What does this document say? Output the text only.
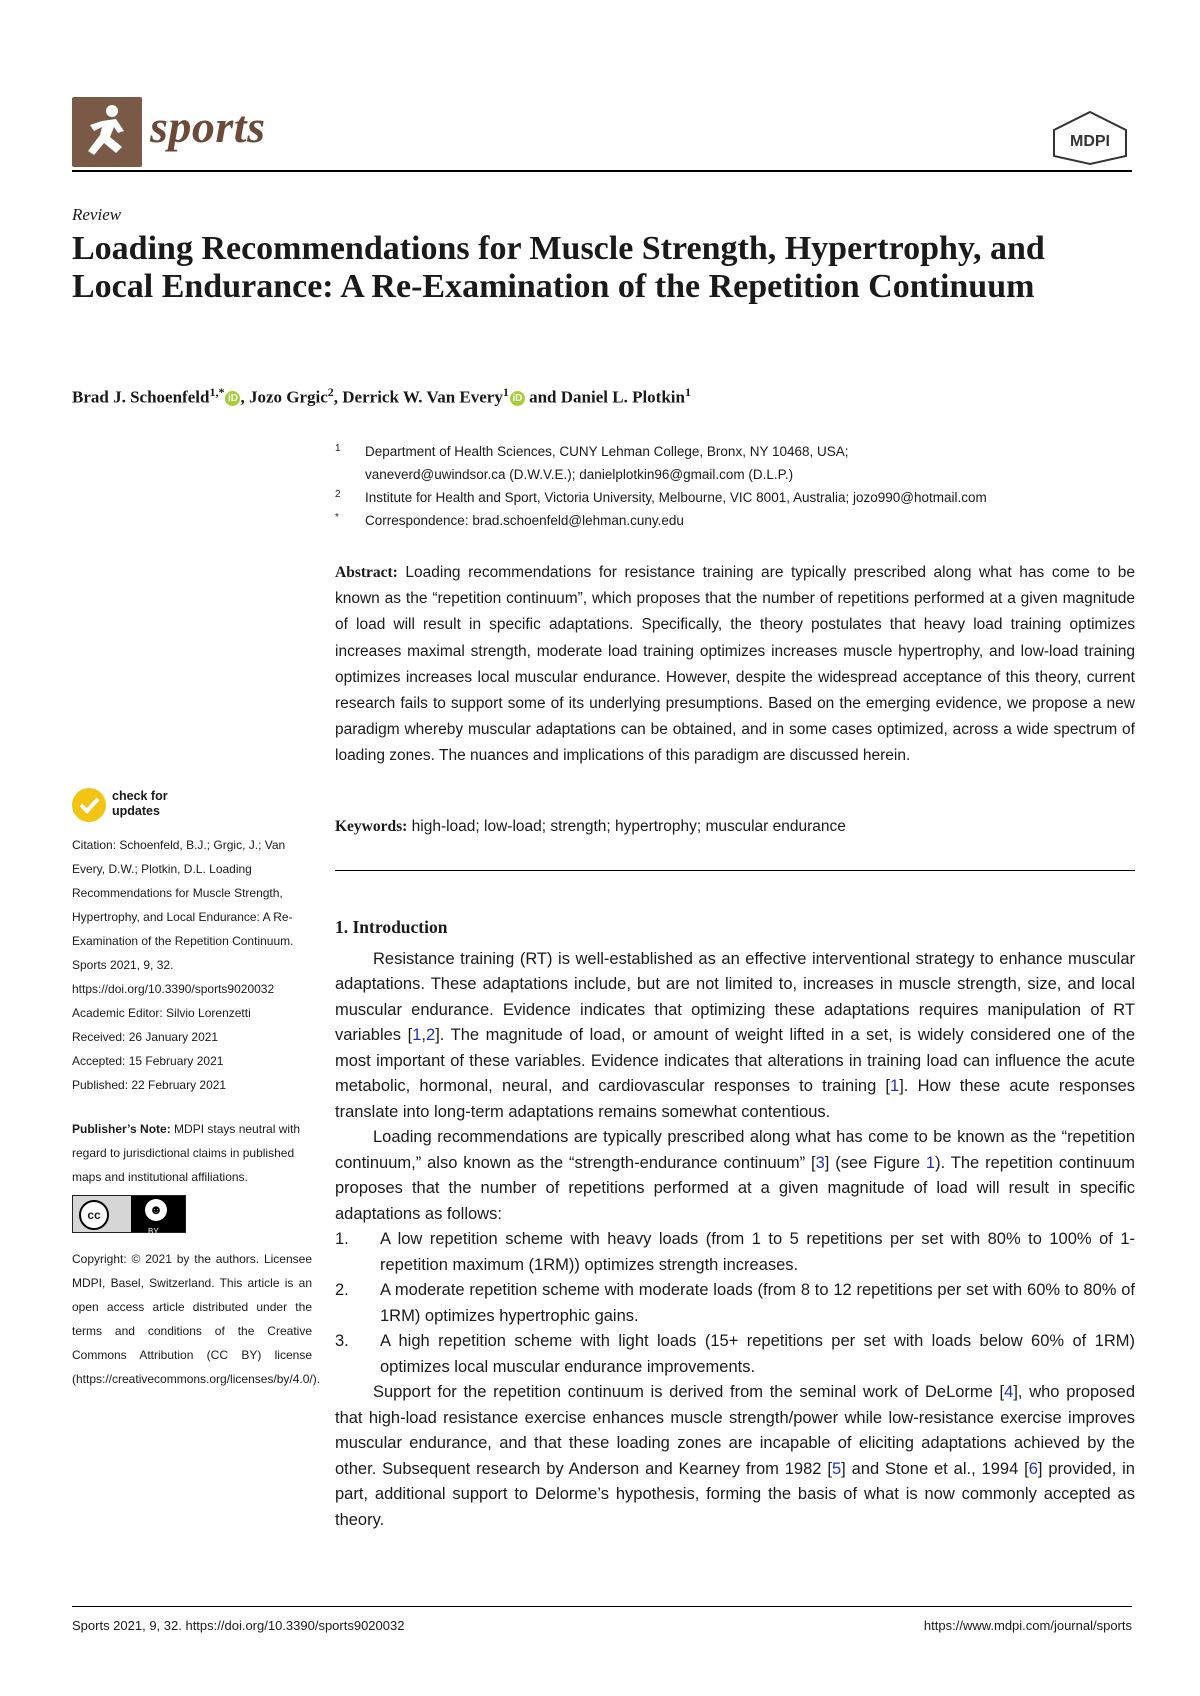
sports	MDPI
Review
Loading Recommendations for Muscle Strength, Hypertrophy, and Local Endurance: A Re-Examination of the Repetition Continuum
Brad J. Schoenfeld$^{1,*}$ iD , Jozo Grgic$^2$, Derrick W. Van Every$^1$ iD and Daniel L. Plotkin$^1$
1 Department of Health Sciences, CUNY Lehman College, Bronx, NY 10468, USA;
vaneverd@uwindsor.ca (D.W.V.E.); danielplotkin96@gmail.com (D.L.P.)
2 Institute for Health and Sport, Victoria University, Melbourne, VIC 8001, Australia; jozo990@hotmail.com
* Correspondence: brad.schoenfeld@lehman.cuny.edu
Abstract: Loading recommendations for resistance training are typically prescribed along what has come to be known as the “repetition continuum”, which proposes that the number of repetitions performed at a given magnitude of load will result in specific adaptations. Specifically, the theory postulates that heavy load training optimizes increases maximal strength, moderate load training optimizes increases muscle hypertrophy, and low-load training optimizes increases local muscular endurance. However, despite the widespread acceptance of this theory, current research fails to support some of its underlying presumptions. Based on the emerging evidence, we propose a new paradigm whereby muscular adaptations can be obtained, and in some cases optimized, across a wide spectrum of loading zones. The nuances and implications of this paradigm are discussed herein.
Keywords: high-load; low-load; strength; hypertrophy; muscular endurance
check for
updates

Citation: Schoenfeld, B.J.; Grgic, J.; Van Every, D.W.; Plotkin, D.L. Loading Recommendations for Muscle Strength, Hypertrophy, and Local Endurance: A Re-Examination of the Repetition Continuum. Sports 2021, 9, 32. https://doi.org/10.3390/sports9020032

Academic Editor: Silvio Lorenzetti

Received: 26 January 2021

Accepted: 15 February 2021

Published: 22 February 2021

Publisher’s Note: MDPI stays neutral with regard to jurisdictional claims in published maps and institutional affiliations.

cc	☻
BY

Copyright: © 2021 by the authors. Licensee MDPI, Basel, Switzerland. This article is an open access article distributed under the terms and conditions of the Creative Commons Attribution (CC BY) license (https://creativecommons.org/licenses/by/4.0/).

1. Introduction

Resistance training (RT) is well-established as an effective interventional strategy to enhance muscular adaptations. These adaptations include, but are not limited to, increases in muscle strength, size, and local muscular endurance. Evidence indicates that optimizing these adaptations requires manipulation of RT variables [1,2]. The magnitude of load, or amount of weight lifted in a set, is widely considered one of the most important of these variables. Evidence indicates that alterations in training load can influence the acute metabolic, hormonal, neural, and cardiovascular responses to training [1]. How these acute responses translate into long-term adaptations remains somewhat contentious.

Loading recommendations are typically prescribed along what has come to be known as the “repetition continuum,” also known as the “strength-endurance continuum” [3] (see Figure 1). The repetition continuum proposes that the number of repetitions performed at a given magnitude of load will result in specific adaptations as follows:

1. A low repetition scheme with heavy loads (from 1 to 5 repetitions per set with 80% to 100% of 1-repetition maximum (1RM)) optimizes strength increases.
2. A moderate repetition scheme with moderate loads (from 8 to 12 repetitions per set with 60% to 80% of 1RM) optimizes hypertrophic gains.
3. A high repetition scheme with light loads (15+ repetitions per set with loads below 60% of 1RM) optimizes local muscular endurance improvements.

Support for the repetition continuum is derived from the seminal work of DeLorme [4], who proposed that high-load resistance exercise enhances muscle strength/power while low-resistance exercise improves muscular endurance, and that these loading zones are incapable of eliciting adaptations achieved by the other. Subsequent research by Anderson and Kearney from 1982 [5] and Stone et al., 1994 [6] provided, in part, additional support to Delorme’s hypothesis, forming the basis of what is now commonly accepted as theory.

Sports 2021, 9, 32. https://doi.org/10.3390/sports9020032	https://www.mdpi.com/journal/sports
